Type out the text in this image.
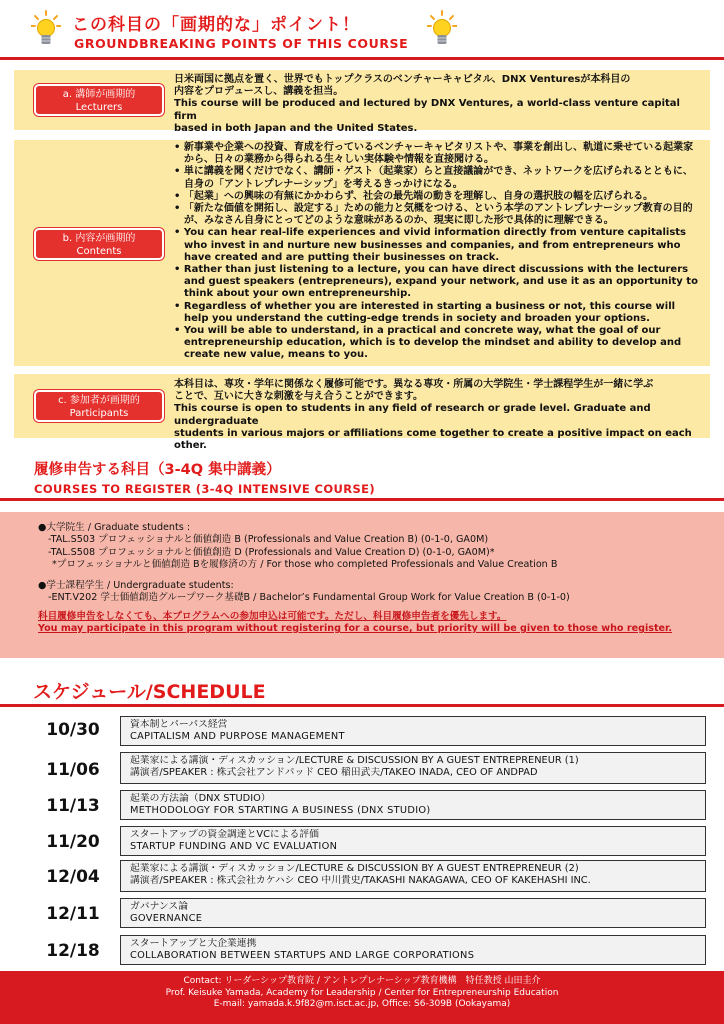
この科目の「画期的な」ポイント！
GROUNDBREAKING POINTS OF THIS COURSE
a. 講師が画期的
Lecturers

日米両国に拠点を置く、世界でもトップクラスのベンチャーキャピタル、DNX Venturesが本科目の

内容をプロデュースし、講義を担当。

This course will be produced and lectured by DNX Ventures, a world-class venture capital firm

based in both Japan and the United States.

b. 内容が画期的
Contents

• 新事業や企業への投資、育成を行っているベンチャーキャピタリストや、事業を創出し、軌道に乗せている起業家から、日々の業務から得られる生々しい実体験や情報を直接聞ける。

• 単に講義を聞くだけでなく、講師・ゲスト（起業家）らと直接議論ができ、ネットワークを広げられるとともに、自身の「アントレプレナーシップ」を考えるきっかけになる。

• 「起業」への興味の有無にかかわらず、社会の最先端の動きを理解し、自身の選択肢の幅を広げられる。

• 「新たな価値を開拓し、設定する」ための能力と気概をつける、という本学のアントレプレナーシップ教育の目的が、みなさん自身にとってどのような意味があるのか、現実に即した形で具体的に理解できる。

• You can hear real-life experiences and vivid information directly from venture capitalists who invest in and nurture new businesses and companies, and from entrepreneurs who have created and are putting their businesses on track.

• Rather than just listening to a lecture, you can have direct discussions with the lecturers and guest speakers (entrepreneurs), expand your network, and use it as an opportunity to think about your own entrepreneurship.

• Regardless of whether you are interested in starting a business or not, this course will help you understand the cutting-edge trends in society and broaden your options.

• You will be able to understand, in a practical and concrete way, what the goal of our entrepreneurship education, which is to develop the mindset and ability to develop and create new value, means to you.

c. 参加者が画期的
Participants

本科目は、専攻・学年に関係なく履修可能です。異なる専攻・所属の大学院生・学士課程学生が一緒に学ぶ

ことで、互いに大きな刺激を与え合うことができます。

This course is open to students in any field of research or grade level. Graduate and undergraduate

students in various majors or affiliations come together to create a positive impact on each other.

履修申告する科目（3-4Q 集中講義）
COURSES TO REGISTER (3-4Q INTENSIVE COURSE)

●大学院生 / Graduate students :

-TAL.S503 プロフェッショナルと価値創造 B (Professionals and Value Creation B) (0-1-0, GA0M)

-TAL.S508 プロフェッショナルと価値創造 D (Professionals and Value Creation D) (0-1-0, GA0M)*

*プロフェッショナルと価値創造 Bを履修済の方 / For those who completed Professionals and Value Creation B

●学士課程学生 / Undergraduate students:

-ENT.V202 学士価値創造グループワーク基礎B / Bachelor’s Fundamental Group Work for Value Creation B (0-1-0)

科目履修申告をしなくても、本プログラムへの参加申込は可能です。ただし、科目履修申告者を優先します。

You may participate in this program without registering for a course, but priority will be given to those who register.

スケジュール/SCHEDULE
10/30	資本制とパーパス経営

CAPITALISM AND PURPOSE MANAGEMENT

11/06	起業家による講演・ディスカッション/LECTURE & DISCUSSION BY A GUEST ENTREPRENEUR (1)

講演者/SPEAKER : 株式会社アンドパッド CEO 稲田武夫/TAKEO INADA, CEO OF ANDPAD

11/13	起業の方法論（DNX STUDIO）

METHODOLOGY FOR STARTING A BUSINESS (DNX STUDIO)

11/20	スタートアップの資金調達とVCによる評価

STARTUP FUNDING AND VC EVALUATION

12/04	起業家による講演・ディスカッション/LECTURE & DISCUSSION BY A GUEST ENTREPRENEUR (2)

講演者/SPEAKER : 株式会社カケハシ CEO 中川貴史/TAKASHI NAKAGAWA, CEO OF KAKEHASHI INC.

12/11	ガバナンス論

GOVERNANCE

12/18	スタートアップと大企業連携

COLLABORATION BETWEEN STARTUPS AND LARGE CORPORATIONS

Contact: リーダーシップ教育院 / アントレプレナーシップ教育機構　特任教授 山田圭介

Prof. Keisuke Yamada, Academy for Leadership / Center for Entrepreneurship Education

E-mail: yamada.k.9f82@m.isct.ac.jp, Office: S6-309B (Ookayama)
